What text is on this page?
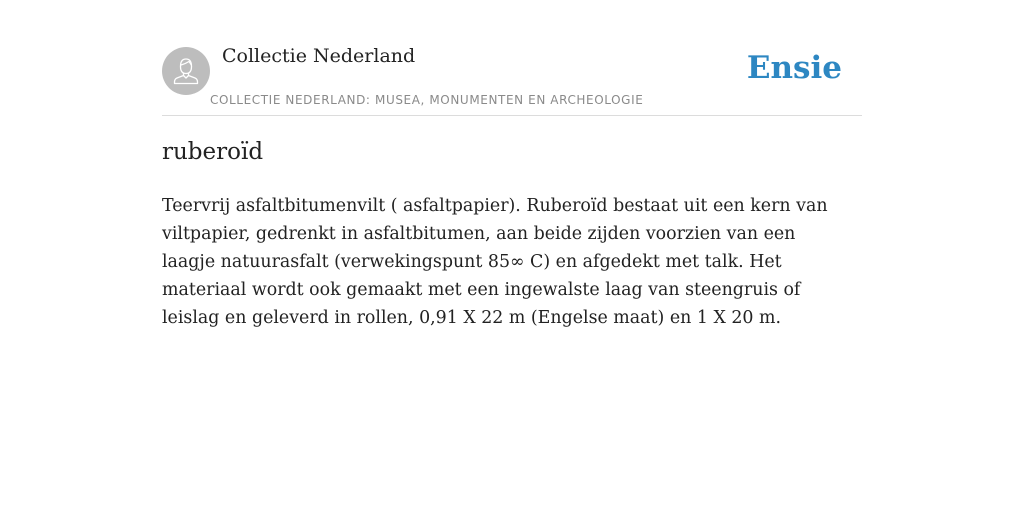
Collectie Nederland
COLLECTIE NEDERLAND: MUSEA, MONUMENTEN EN ARCHEOLOGIE
Ensie
ruberoïd

Teervrij asfaltbitumenvilt ( asfaltpapier). Ruberoïd bestaat uit een kern van viltpapier, gedrenkt in asfaltbitumen, aan beide zijden voorzien van een laagje natuurasfalt (verwekingspunt 85∞ C) en afgedekt met talk. Het materiaal wordt ook gemaakt met een ingewalste laag van steengruis of leislag en geleverd in rollen, 0,91 X 22 m (Engelse maat) en 1 X 20 m.
